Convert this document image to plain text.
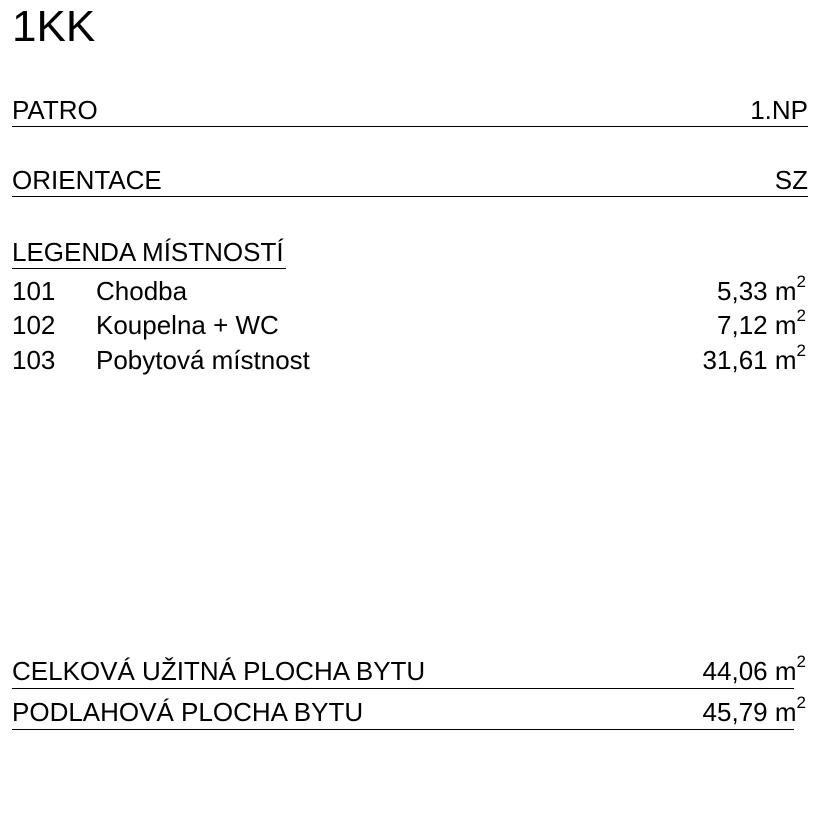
1KK
PATRO	1.NP
ORIENTACE	SZ
LEGENDA MÍSTNOSTÍ
101 Chodba	5,33 $m^2$
102 Koupelna + WC	7,12 $m^2$
103 Pobytová místnost	31,61 $m^2$
CELKOVÁ UŽITNÁ PLOCHA BYTU	44,06 $m^2$
PODLAHOVÁ PLOCHA BYTU	45,79 $m^2$
